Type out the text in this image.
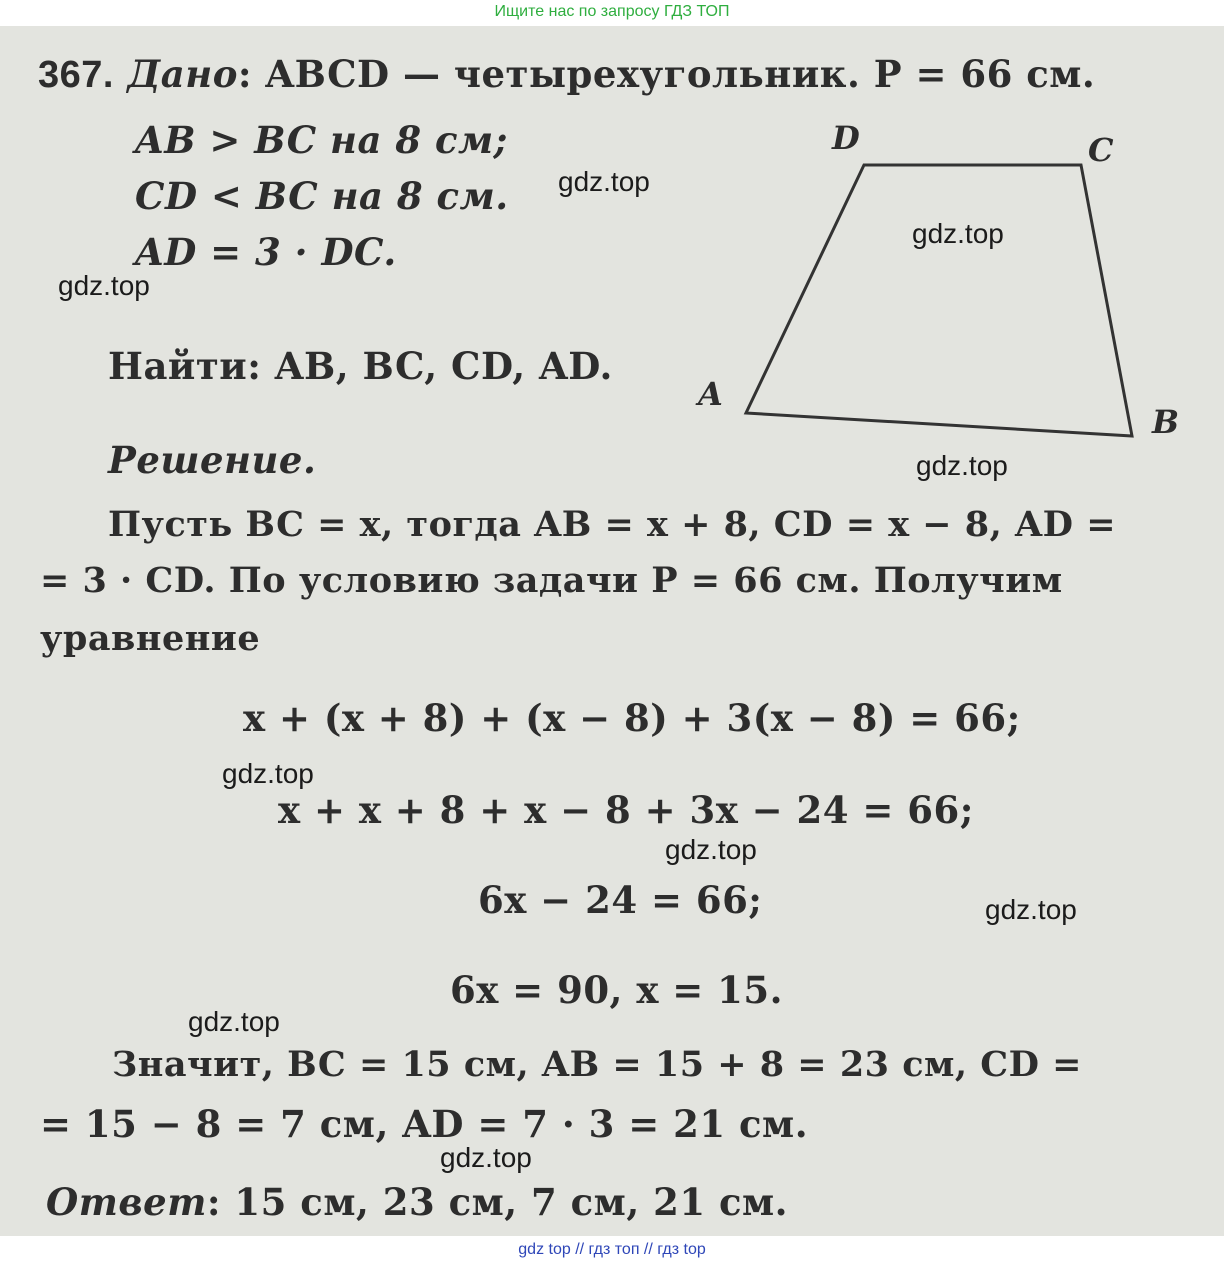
Ищите нас по запросу ГДЗ ТОП
367. Дано: ABCD — четырехугольник. P = 66 см.
AB > BC на 8 см;
CD < BC на 8 см.
AD = 3 · DC.
Найти: AB, BC, CD, AD.
Решение.
Пусть BC = x, тогда AB = x + 8, CD = x − 8, AD =
= 3 · CD. По условию задачи P = 66 см. Получим
уравнение
x + (x + 8) + (x − 8) + 3(x − 8) = 66;
x + x + 8 + x − 8 + 3x − 24 = 66;
6x − 24 = 66;
6x = 90, x = 15.
Значит, BC = 15 см, AB = 15 + 8 = 23 см, CD =
= 15 − 8 = 7 см, AD = 7 · 3 = 21 см.
Ответ: 15 см, 23 см, 7 см, 21 см.
A
B
C
D
gdz.top
gdz.top
gdz.top
gdz.top
gdz.top
gdz.top
gdz.top
gdz.top
gdz.top
gdz top // гдз топ // гдз top
